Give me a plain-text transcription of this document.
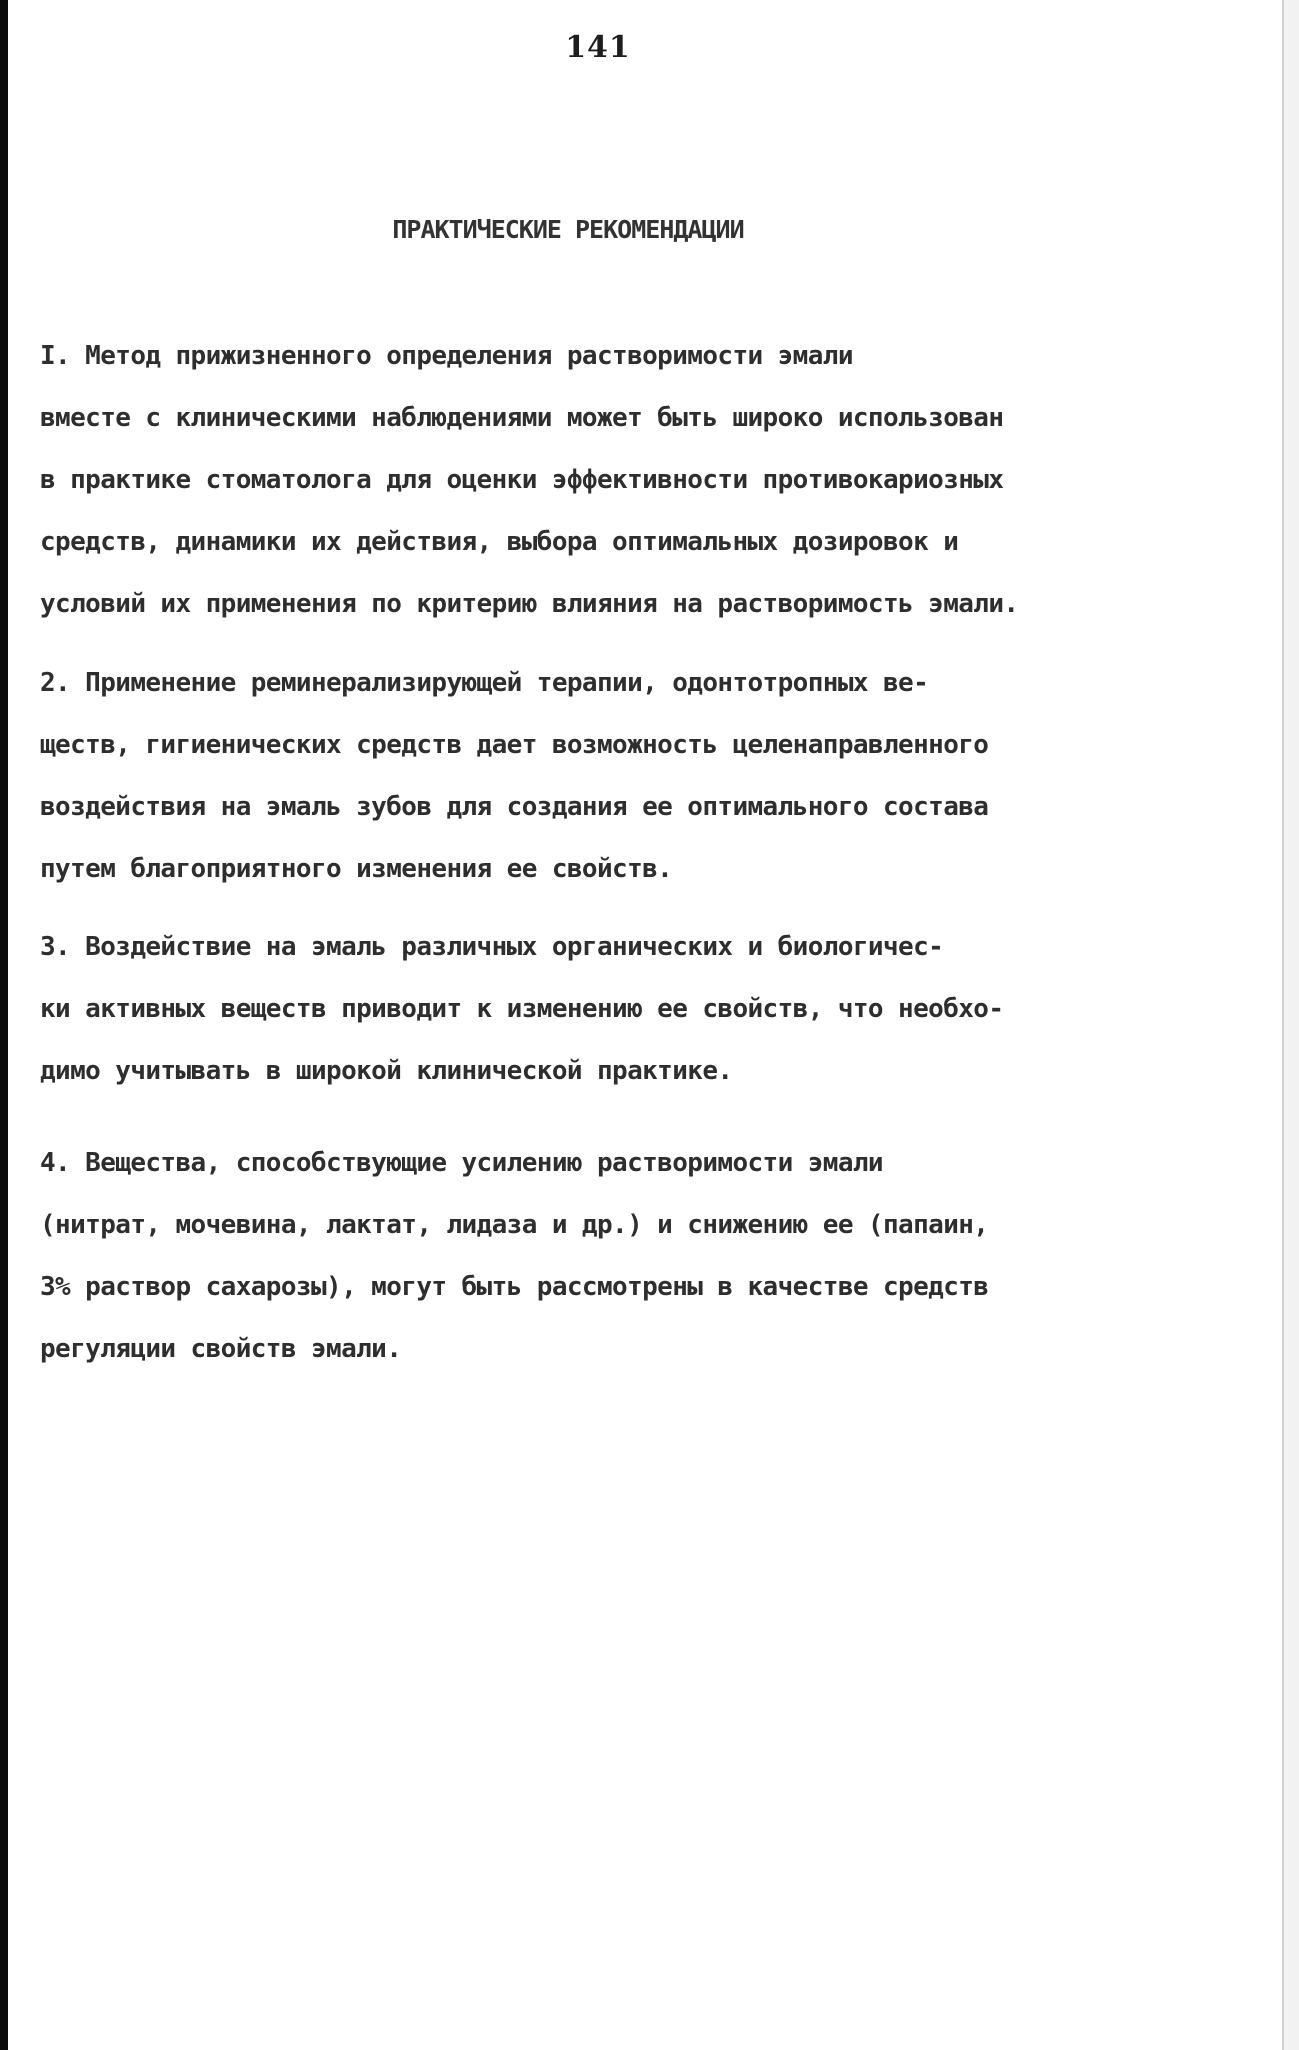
141
ПРАКТИЧЕСКИЕ РЕКОМЕНДАЦИИ

I. Метод прижизненного определения растворимости эмали
вместе с клиническими наблюдениями может быть широко использован
в практике стоматолога для оценки эффективности противокариозных
средств, динамики их действия, выбора оптимальных дозировок и
условий их применения по критерию влияния на растворимость эмали.

2. Применение реминерализирующей терапии, одонтотропных ве-
ществ, гигиенических средств дает возможность целенаправленного
воздействия на эмаль зубов для создания ее оптимального состава
путем благоприятного изменения ее свойств.

3. Воздействие на эмаль различных органических и биологичес-
ки активных веществ приводит к изменению ее свойств, что необхо-
димо учитывать в широкой клинической практике.

4. Вещества, способствующие усилению растворимости эмали
(нитрат, мочевина, лактат, лидаза и др.) и снижению ее (папаин,
3% раствор сахарозы), могут быть рассмотрены в качестве средств
регуляции свойств эмали.
